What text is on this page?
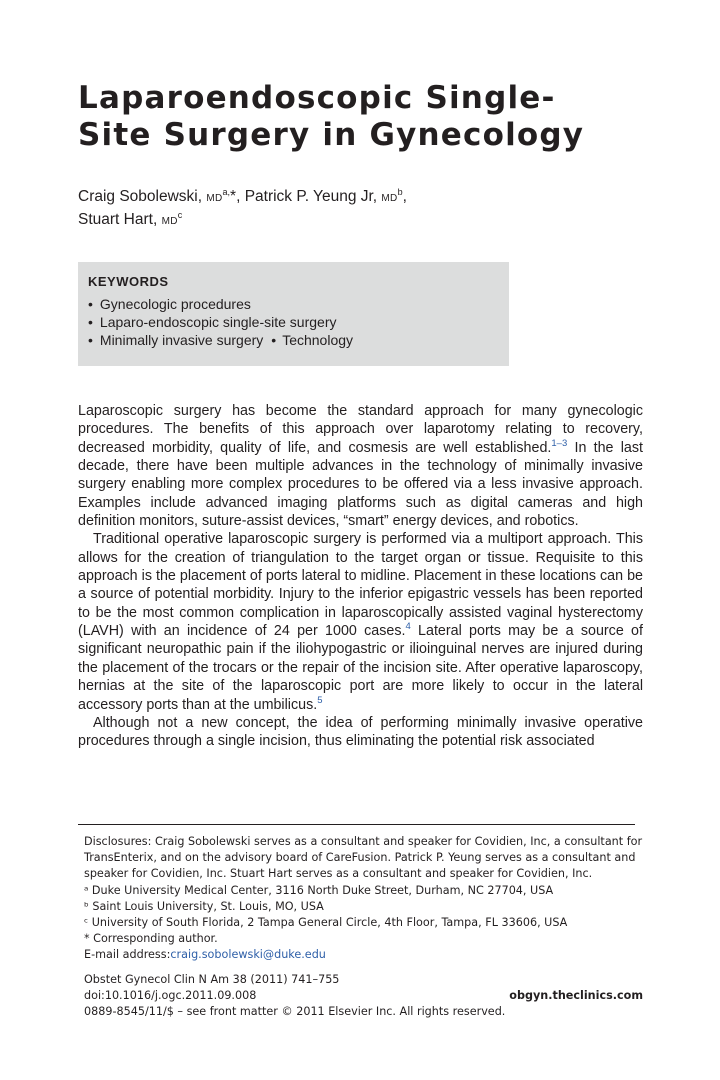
Laparoendoscopic Single-
Site Surgery in Gynecology
Craig Sobolewski, $MD^{a,}*$, Patrick P. Yeung Jr, $MD^b$,
Stuart Hart, $MD^c$
KEYWORDS
• Gynecologic procedures
• Laparo-endoscopic single-site surgery
• Minimally invasive surgery• Technology

Laparoscopic surgery has become the standard approach for many gynecologic procedures. The benefits of this approach over laparotomy relating to recovery, decreased morbidity, quality of life, and cosmesis are well established.$^{1-3}$ In the last decade, there have been multiple advances in the technology of minimally invasive surgery enabling more complex procedures to be offered via a less invasive approach. Examples include advanced imaging platforms such as digital cameras and high definition monitors, suture-assist devices, “smart” energy devices, and robotics.

Traditional operative laparoscopic surgery is performed via a multiport approach. This allows for the creation of triangulation to the target organ or tissue. Requisite to this approach is the placement of ports lateral to midline. Placement in these locations can be a source of potential morbidity. Injury to the inferior epigastric vessels has been reported to be the most common complication in laparoscopically assisted vaginal hysterectomy (LAVH) with an incidence of 24 per 1000 cases.$^4$ Lateral ports may be a source of significant neuropathic pain if the iliohypogastric or ilioinguinal nerves are injured during the placement of the trocars or the repair of the incision site. After operative laparoscopy, hernias at the site of the laparoscopic port are more likely to occur in the lateral accessory ports than at the umbilicus.$^5$

Although not a new concept, the idea of performing minimally invasive operative procedures through a single incision, thus eliminating the potential risk associated

Disclosures: Craig Sobolewski serves as a consultant and speaker for Covidien, Inc, a consultant for TransEnterix, and on the advisory board of CareFusion. Patrick P. Yeung serves as a consultant and speaker for Covidien, Inc. Stuart Hart serves as a consultant and speaker for Covidien, Inc.

ᵃ Duke University Medical Center, 3116 North Duke Street, Durham, NC 27704, USA

ᵇ Saint Louis University, St. Louis, MO, USA

ᶜ University of South Florida, 2 Tampa General Circle, 4th Floor, Tampa, FL 33606, USA

* Corresponding author.

E-mail address:craig.sobolewski@duke.edu

Obstet Gynecol Clin N Am 38 (2011) 741–755

doi:10.1016/j.ogc.2011.09.008

0889-8545/11/$ – see front matter © 2011 Elsevier Inc. All rights reserved.

obgyn.theclinics.com
